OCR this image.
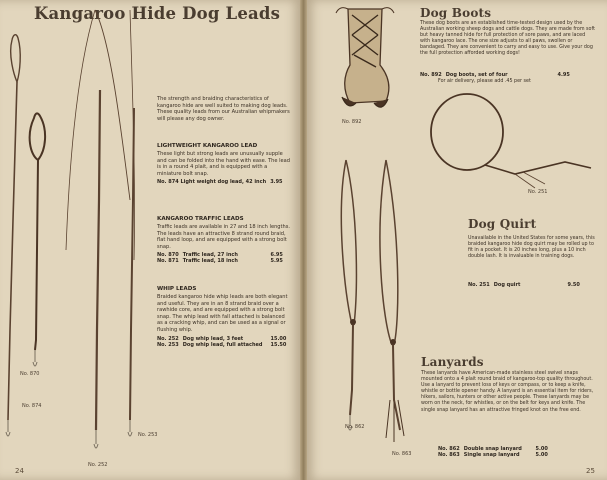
Kangaroo Hide Dog Leads
No. 870
No. 874
No. 252
No. 253
The strength and braiding characteristics of kangaroo hide are well suited to making dog leads. These quality leads from our Australian whipmakers will please any dog owner.
LIGHTWEIGHT KANGAROO LEAD
These light but strong leads are unusually supple and can be folded into the hand with ease. The lead is in a round 4 plait, and is equipped with a miniature bolt snap.
No. 874 Light weight dog lead, 42 inch 3.95
KANGAROO TRAFFIC LEADS
Traffic leads are available in 27 and 18 inch lengths. The leads have an attractive 8 strand round braid, flat hand loop, and are equipped with a strong bolt snap.
No. 870 Traffic lead, 27 inch	6.95
No. 871 Traffic lead, 18 inch	5.95
WHIP LEADS
Braided kangaroo hide whip leads are both elegant and useful. They are in an 8 strand braid over a rawhide core, and are equipped with a strong bolt snap. The whip lead with fall attached is balanced as a cracking whip, and can be used as a signal or flushing whip.
No. 252 Dog whip lead, 3 feet	15.00
No. 253 Dog whip lead, full attached 15.50
24
No. 892
Dog Boots
These dog boots are an established time-tested design used by the Australian working sheep dogs and cattle dogs. They are made from soft but heavy tanned hide for full protection of sore paws, and are laced with kangaroo lace. The one size adjusts to all paws, swollen or bandaged. They are convenient to carry and easy to use. Give your dog the full protection afforded working dogs!
No. 892 Dog boots, set of four	4.95
For air delivery, please add .45 per set
No. 251
Dog Quirt
Unavailable in the United States for some years, this braided kangaroo hide dog quirt may be rolled up to fit in a pocket. It is 20 inches long, plus a 10 inch double lash. It is invaluable in training dogs.
No. 251 Dog quirt	9.50
No. 862
No. 863
Lanyards
These lanyards have American-made stainless steel swivel snaps mounted onto a 4 plait round braid of kangaroo-top quality throughout. Use a lanyard to prevent loss of keys or compass, or to keep a knife, whistle or bottle opener handy. A lanyard is an essential item for riders, hikers, sailors, hunters or other active people. These lanyards may be worn on the neck, for whistles, or on the belt for keys and knife. The single snap lanyard has an attractive fringed knot on the free end.
No. 862 Double snap lanyard	5.00
No. 863 Single snap lanyard	5.00
25
